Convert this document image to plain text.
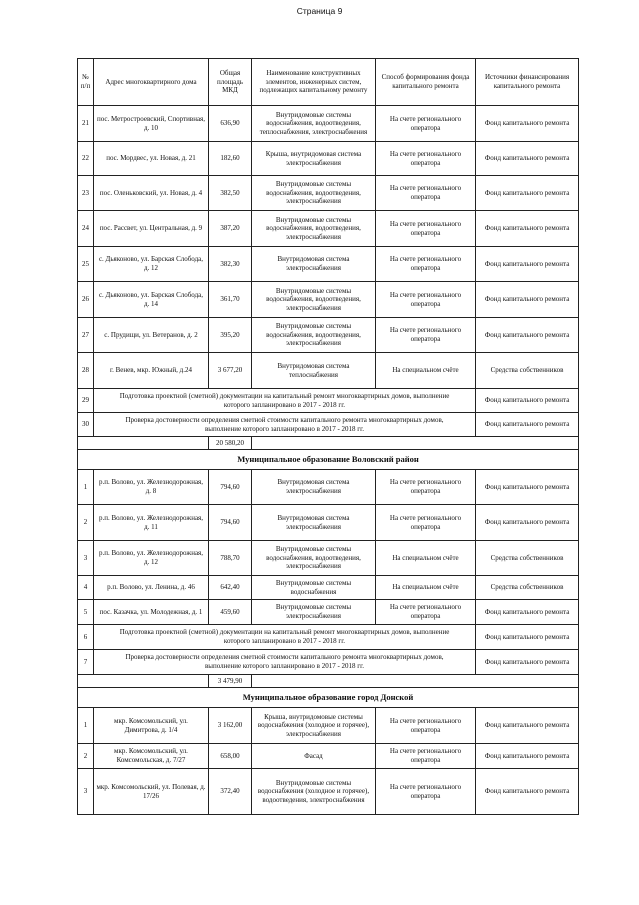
Страница 9
№ п/п	Адрес многоквартирного дома	Общая площадь МКД	Наименование конструктивных элементов, инженерных систем, подлежащих капитальному ремонту	Способ формирования фонда капитального ремонта	Источники финансирования капитального ремонта
21	пос. Метростроевский, Спортивная, д. 10	636,90	Внутридомовые системы водоснабжения, водоотведения, теплоснабжения, электроснабжения	На счете регионального оператора	Фонд капитального ремонта
22	пос. Мордвес, ул. Новая, д. 21	182,60	Крыша, внутридомовая система электроснабжения	На счете регионального оператора	Фонд капитального ремонта
23	пос. Оленьковский, ул. Новая, д. 4	382,50	Внутридомовые системы водоснабжения, водоотведения, электроснабжения	На счете регионального оператора	Фонд капитального ремонта
24	пос. Рассвет, ул. Центральная, д. 9	387,20	Внутридомовые системы водоснабжения, водоотведения, электроснабжения	На счете регионального оператора	Фонд капитального ремонта
25	с. Дьяконово, ул. Барская Слобода, д. 12	382,30	Внутридомовая система электроснабжения	На счете регионального оператора	Фонд капитального ремонта
26	с. Дьяконово, ул. Барская Слобода, д. 14	361,70	Внутридомовые системы водоснабжения, водоотведения, электроснабжения	На счете регионального оператора	Фонд капитального ремонта
27	с. Прудищи, ул. Ветеранов, д. 2	395,20	Внутридомовые системы водоснабжения, водоотведения, электроснабжения	На счете регионального оператора	Фонд капитального ремонта
28	г. Венев, мкр. Южный, д.24	3 677,20	Внутридомовая система теплоснабжения	На специальном счёте	Средства собственников
29	Подготовка проектной (сметной) документации на капитальный ремонт многоквартирных домов, выполнение которого запланировано в 2017 - 2018 гг.				Фонд капитального ремонта
30	Проверка достоверности определения сметной стоимости капитального ремонта многоквартирных домов, выполнение которого запланировано в 2017 - 2018 гг.				Фонд капитального ремонта
		20 580,20			
Муниципальное образование Воловский район					
1	р.п. Волово, ул. Железнодорожная, д. 8	794,60	Внутридомовая система электроснабжения	На счете регионального оператора	Фонд капитального ремонта
2	р.п. Волово, ул. Железнодорожная, д. 11	794,60	Внутридомовая система электроснабжения	На счете регионального оператора	Фонд капитального ремонта
3	р.п. Волово, ул. Железнодорожная, д. 12	788,70	Внутридомовые системы водоснабжения, водоотведения, электроснабжения	На специальном счёте	Средства собственников
4	р.п. Волово, ул. Ленина, д. 46	642,40	Внутридомовые системы водоснабжения	На специальном счёте	Средства собственников
5	пос. Казачка, ул. Молодежная, д. 1	459,60	Внутридомовые системы электроснабжения	На счете регионального оператора	Фонд капитального ремонта
6	Подготовка проектной (сметной) документации на капитальный ремонт многоквартирных домов, выполнение которого запланировано в 2017 - 2018 гг.				Фонд капитального ремонта
7	Проверка достоверности определения сметной стоимости капитального ремонта многоквартирных домов, выполнение которого запланировано в 2017 - 2018 гг.				Фонд капитального ремонта
		3 479,90			
Муниципальное образование город Донской					
1	мкр. Комсомольский, ул. Димитрова, д. 1/4	3 162,00	Крыша, внутридомовые системы водоснабжения (холодное и горячее), электроснабжения	На счете регионального оператора	Фонд капитального ремонта
2	мкр. Комсомольский, ул. Комсомольская, д. 7/27	658,00	Фасад	На счете регионального оператора	Фонд капитального ремонта
3	мкр. Комсомольский, ул. Полевая, д. 17/26	372,40	Внутридомовые системы водоснабжения (холодное и горячее), водоотведения, электроснабжения	На счете регионального оператора	Фонд капитального ремонта
